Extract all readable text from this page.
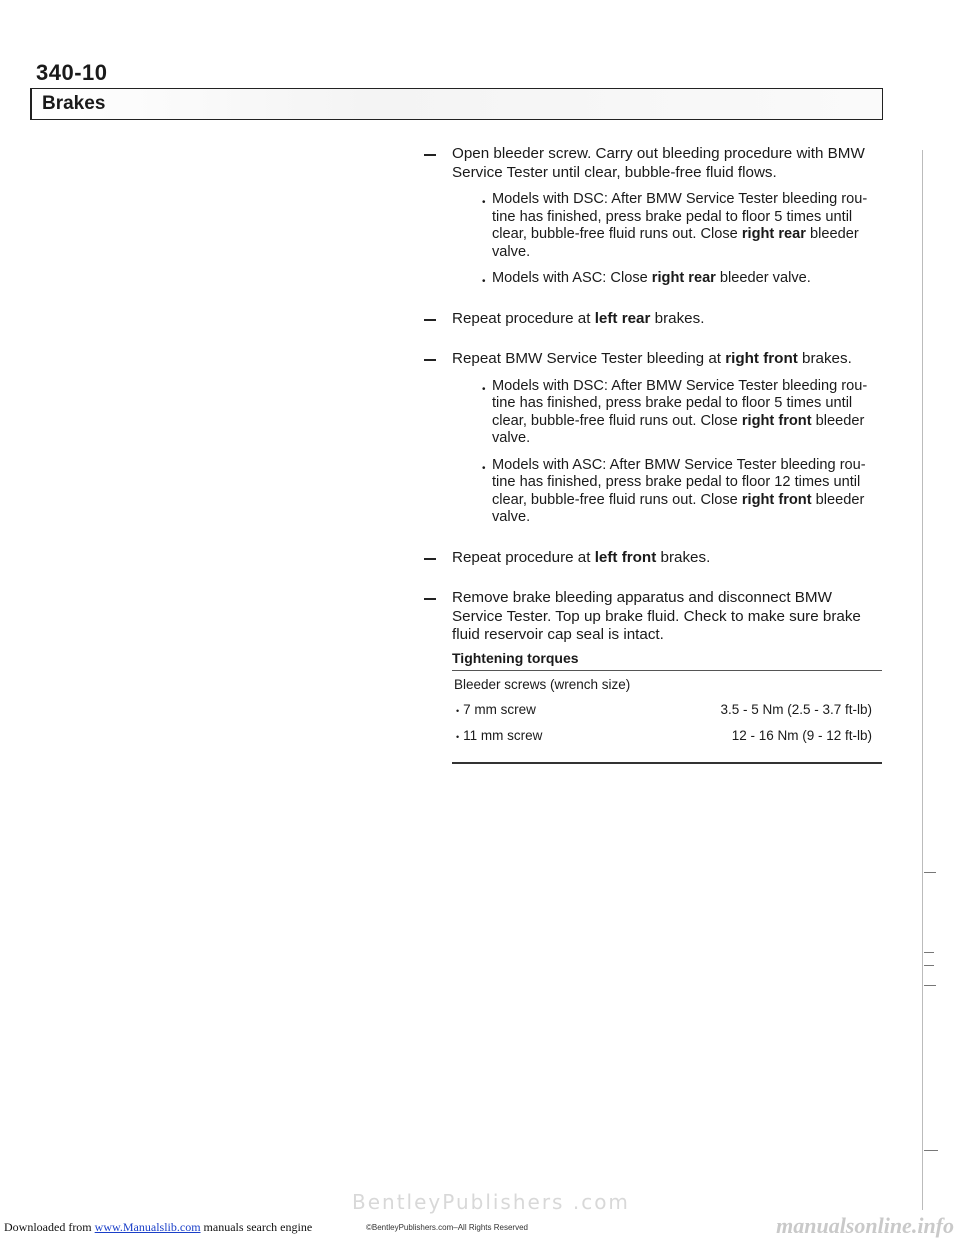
340-10
Brakes
Open bleeder screw. Carry out bleeding procedure with BMW Service Tester until clear, bubble-free fluid flows.
• Models with DSC: After BMW Service Tester bleeding rou-tine has finished, press brake pedal to floor 5 times until clear, bubble-free fluid runs out. Close right rear bleeder valve.
• Models with ASC: Close right rear bleeder valve.
Repeat procedure at left rear brakes.
Repeat BMW Service Tester bleeding at right front brakes.
• Models with DSC: After BMW Service Tester bleeding rou-tine has finished, press brake pedal to floor 5 times until clear, bubble-free fluid runs out. Close right front bleeder valve.
• Models with ASC: After BMW Service Tester bleeding rou-tine has finished, press brake pedal to floor 12 times until clear, bubble-free fluid runs out. Close right front bleeder valve.
Repeat procedure at left front brakes.
Remove brake bleeding apparatus and disconnect BMW Service Tester. Top up brake fluid. Check to make sure brake fluid reservoir cap seal is intact.
Tightening torques
Bleeder screws (wrench size)
• 7 mm screw	3.5 - 5 Nm (2.5 - 3.7 ft-lb)
• 11 mm screw	12 - 16 Nm (9 - 12 ft-lb)
BentleyPublishers .com
Downloaded from www.Manualslib.com manuals search engine	©BentleyPublishers.com–All Rights Reserved	manualsonline.info
